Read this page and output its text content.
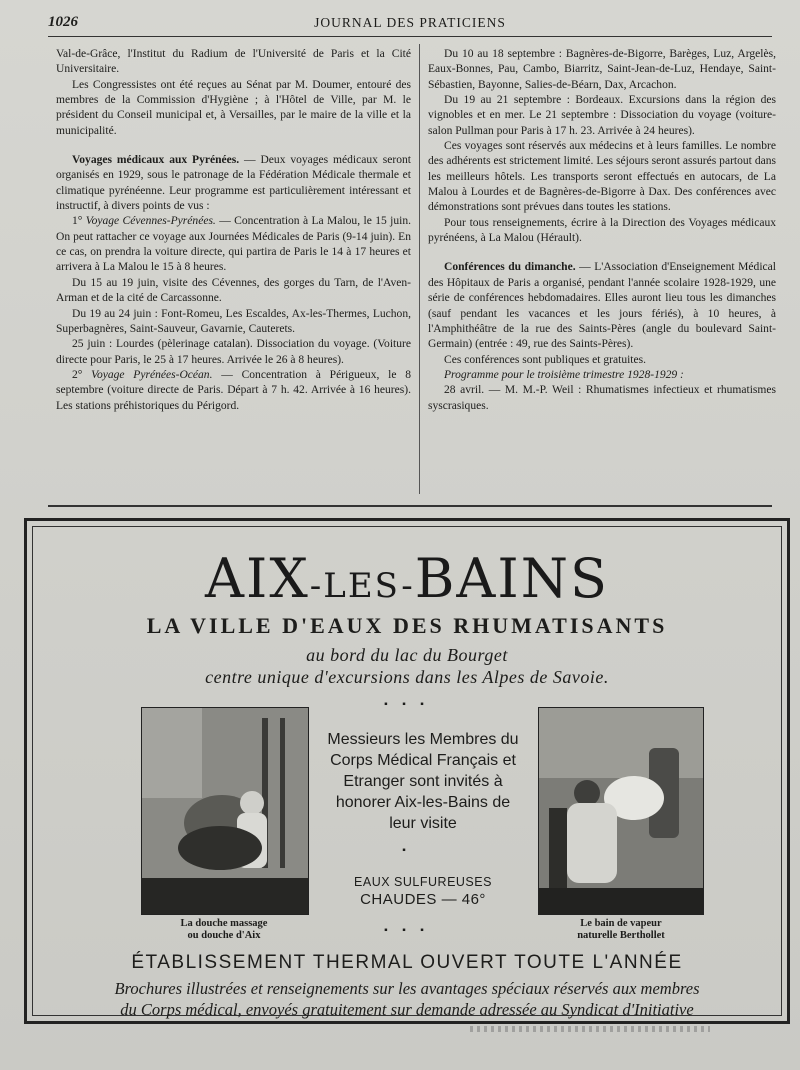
1026	JOURNAL DES PRATICIENS

Val-de-Grâce, l'Institut du Radium de l'Université de Paris et la Cité Universitaire.

Les Congressistes ont été reçues au Sénat par M. Doumer, entouré des membres de la Commission d'Hygiène ; à l'Hôtel de Ville, par M. le président du Conseil municipal et, à Versailles, par le maire de la ville et la municipalité.

Voyages médicaux aux Pyrénées. — Deux voyages médicaux seront organisés en 1929, sous le patronage de la Fédération Médicale thermale et climatique pyrénéenne. Leur programme est particulièrement intéressant et instructif, à divers points de vus :

1° Voyage Cévennes-Pyrénées. — Concentration à La Malou, le 15 juin. On peut rattacher ce voyage aux Journées Médicales de Paris (9-14 juin). En ce cas, on prendra la voiture directe, qui partira de Paris le 14 à 17 heures et arrivera à La Malou le 15 à 8 heures.

Du 15 au 19 juin, visite des Cévennes, des gorges du Tarn, de l'Aven-Arman et de la cité de Carcassonne.

Du 19 au 24 juin : Font-Romeu, Les Escaldes, Ax-les-Thermes, Luchon, Superbagnères, Saint-Sauveur, Gavarnie, Cauterets.

25 juin : Lourdes (pèlerinage catalan). Dissociation du voyage. (Voiture directe pour Paris, le 25 à 17 heures. Arrivée le 26 à 8 heures).

2° Voyage Pyrénées-Océan. — Concentration à Périgueux, le 8 septembre (voiture directe de Paris. Départ à 7 h. 42. Arrivée à 16 heures). Les stations préhistoriques du Périgord.

Du 10 au 18 septembre : Bagnères-de-Bigorre, Barèges, Luz, Argelès, Eaux-Bonnes, Pau, Cambo, Biarritz, Saint-Jean-de-Luz, Hendaye, Saint-Sébastien, Bayonne, Salies-de-Béarn, Dax, Arcachon.

Du 19 au 21 septembre : Bordeaux. Excursions dans la région des vignobles et en mer. Le 21 septembre : Dissociation du voyage (voiture-salon Pullman pour Paris à 17 h. 23. Arrivée à 24 heures).

Ces voyages sont réservés aux médecins et à leurs familles. Le nombre des adhérents est strictement limité. Les séjours seront assurés partout dans les meilleurs hôtels. Les transports seront effectués en autocars, de La Malou à Lourdes et de Bagnères-de-Bigorre à Dax. Des conférences avec démonstrations sont prévues dans toutes les stations.

Pour tous renseignements, écrire à la Direction des Voyages médicaux pyrénéens, à La Malou (Hérault).

Conférences du dimanche. — L'Association d'Enseignement Médical des Hôpitaux de Paris a organisé, pendant l'année scolaire 1928-1929, une série de conférences hebdomadaires. Elles auront lieu tous les dimanches (sauf pendant les vacances et les jours fériés), à 10 heures, à l'Amphithéâtre de la rue des Saints-Pères (angle du boulevard Saint-Germain) (entrée : 49, rue des Saints-Pères).

Ces conférences sont publiques et gratuites.

Programme pour le troisième trimestre 1928-1929 :

28 avril. — M. M.-P. Weil : Rhumatismes infectieux et rhumatismes syscrasiques.

AIX-LES-BAINS
LA VILLE D'EAUX DES RHUMATISANTS
au bord du lac du Bourget
centre unique d'excursions dans les Alpes de Savoie.
▪ ▪ ▪
La douche massage
ou douche d'Aix
Messieurs les Membres du Corps Médical Français et Etranger sont invités à honorer Aix-les-Bains de leur visite
▪
EAUX SULFUREUSES
CHAUDES — 46°
▪ ▪ ▪
Le bain de vapeur
naturelle Berthollet
ÉTABLISSEMENT THERMAL OUVERT TOUTE L'ANNÉE
Brochures illustrées et renseignements sur les avantages spéciaux réservés aux membres
du Corps médical, envoyés gratuitement sur demande adressée au Syndicat d'Initiative
